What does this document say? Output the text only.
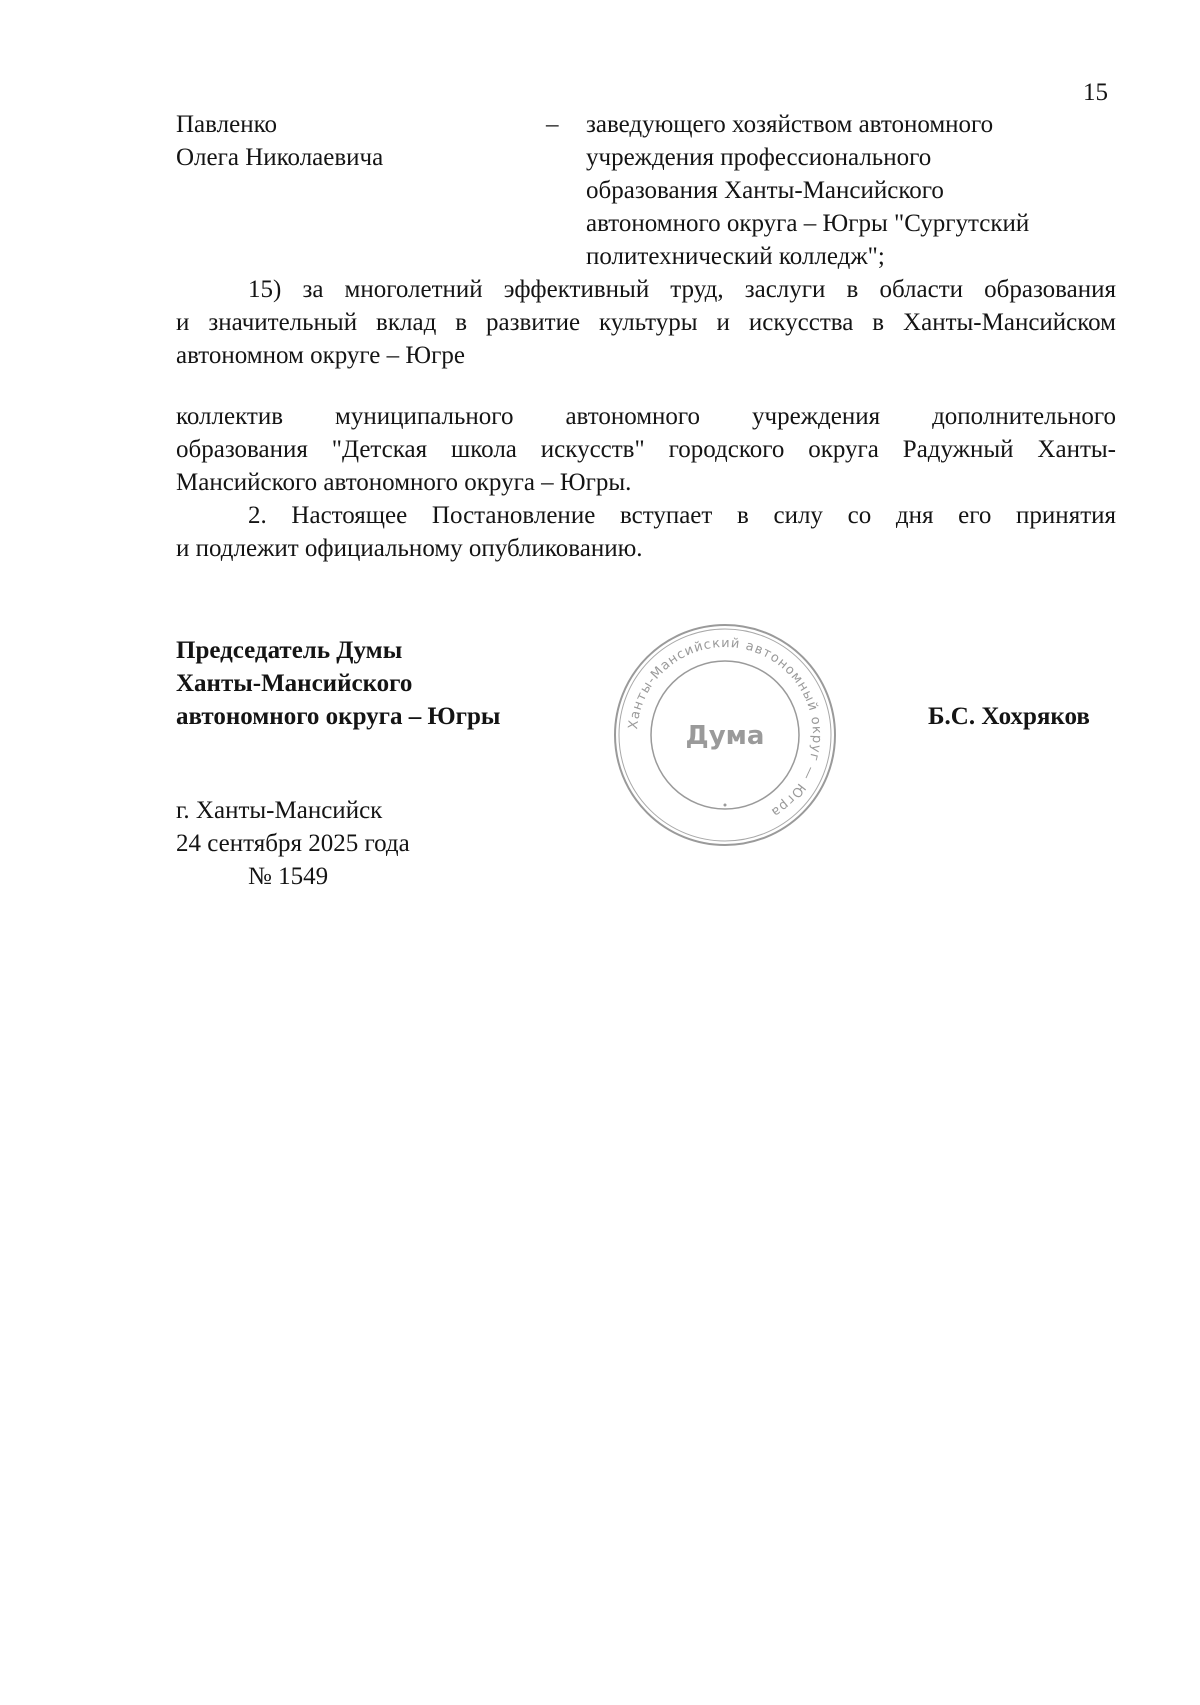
15
Павленко
Олега Николаевича
–	заведующего хозяйством автономного
учреждения профессионального
образования Ханты-Мансийского
автономного округа – Югры "Сургутский
политехнический колледж";
15) за многолетний эффективный труд, заслуги в области образования
и значительный вклад в развитие культуры и искусства в Ханты-Мансийском
автономном округе – Югре
коллектив муниципального автономного учреждения дополнительного
образования "Детская школа искусств" городского округа Радужный Ханты-
Мансийского автономного округа – Югры.
2. Настоящее Постановление вступает в силу со дня его принятия
и подлежит официальному опубликованию.
Председатель Думы
Ханты-Мансийского
автономного округа – Югры	Б.С. Хохряков
Ханты-Мансийский автономный округ — Югра
Дума
г. Ханты-Мансийск
24 сентября 2025 года
№ 1549
